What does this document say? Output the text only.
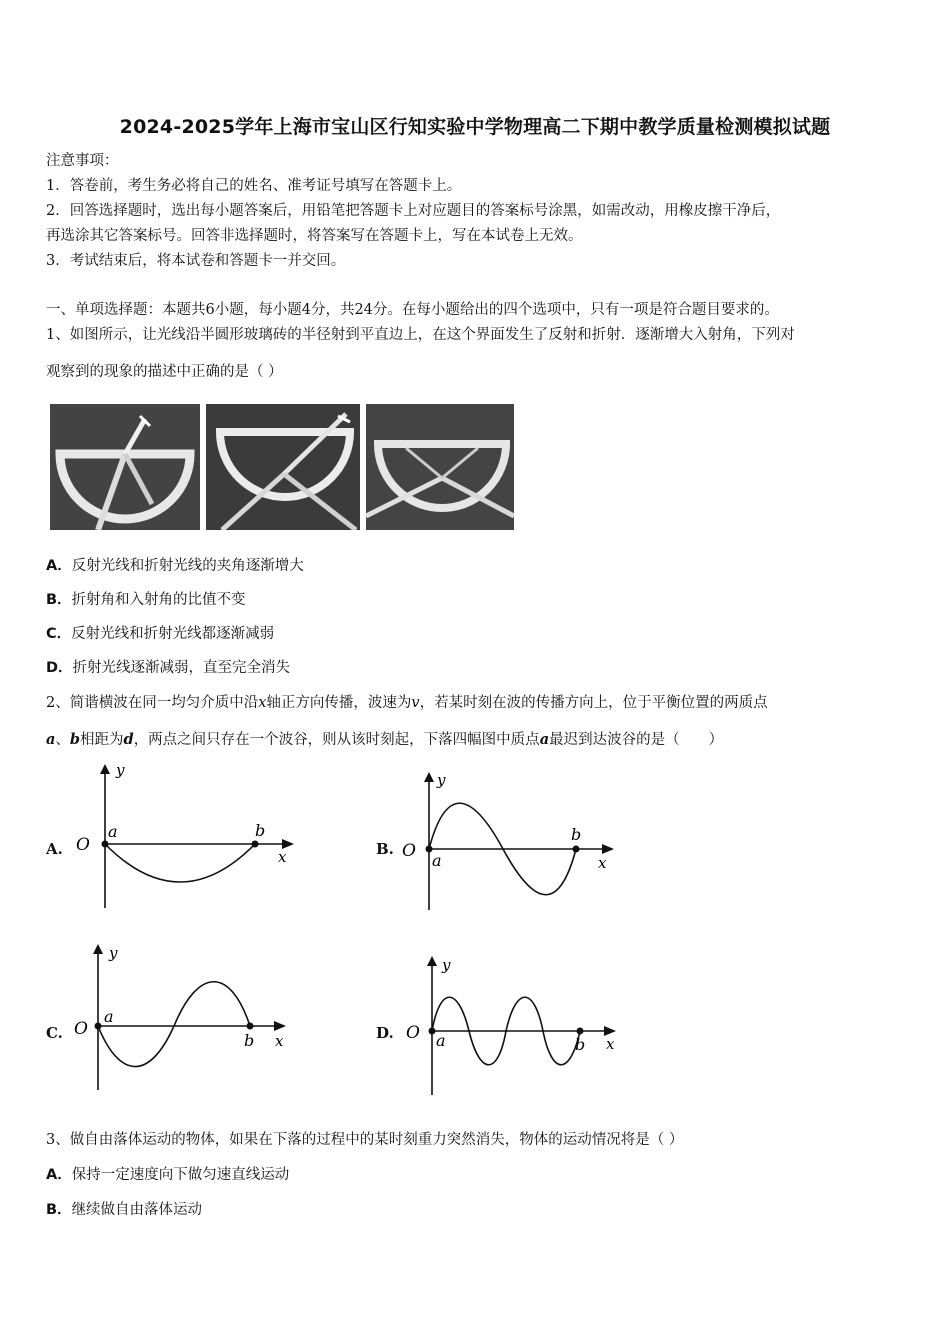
2024-2025学年上海市宝山区行知实验中学物理高二下期中教学质量检测模拟试题
注意事项：
1．答卷前，考生务必将自己的姓名、准考证号填写在答题卡上。
2．回答选择题时，选出每小题答案后，用铅笔把答题卡上对应题目的答案标号涂黑，如需改动，用橡皮擦干净后，
再选涂其它答案标号。回答非选择题时，将答案写在答题卡上，写在本试卷上无效。
3．考试结束后，将本试卷和答题卡一并交回。
一、单项选择题：本题共6小题，每小题4分，共24分。在每小题给出的四个选项中，只有一项是符合题目要求的。
1、如图所示，让光线沿半圆形玻璃砖的半径射到平直边上，在这个界面发生了反射和折射．逐渐增大入射角，下列对
观察到的现象的描述中正确的是（ ）
A．反射光线和折射光线的夹角逐渐增大
B．折射角和入射角的比值不变
C．反射光线和折射光线都逐渐减弱
D．折射光线逐渐减弱，直至完全消失
2、简谐横波在同一均匀介质中沿x轴正方向传播，波速为v，若某时刻在波的传播方向上，位于平衡位置的两质点
a、b相距为d，两点之间只存在一个波谷，则从该时刻起，下落四幅图中质点a最迟到达波谷的是（　　）
A. O
a	b
x
y
B. O a
b
x
y
C. O
a
b x
y
D. O a	b x
y
3、做自由落体运动的物体，如果在下落的过程中的某时刻重力突然消失，物体的运动情况将是（ ）
A．保持一定速度向下做匀速直线运动
B．继续做自由落体运动
